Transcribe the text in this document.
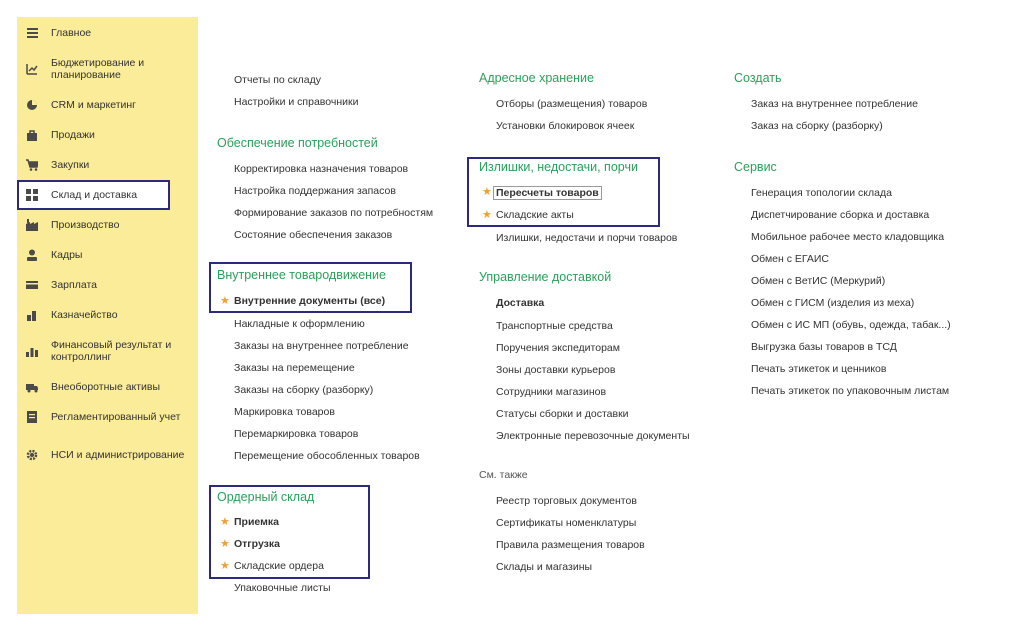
Главное
Бюджетирование и планирование
CRM и маркетинг
Продажи
Закупки
Склад и доставка
Производство
Кадры
Зарплата
Казначейство
Финансовый результат и контроллинг
Внеоборотные активы
Регламентированный учет
НСИ и администрирование
Отчеты по складу
Настройки и справочники
Обеспечение потребностей
Корректировка назначения товаров
Настройка поддержания запасов
Формирование заказов по потребностям
Состояние обеспечения заказов
Внутреннее товародвижение
★ Внутренние документы (все)
Накладные к оформлению
Заказы на внутреннее потребление
Заказы на перемещение
Заказы на сборку (разборку)
Маркировка товаров
Перемаркировка товаров
Перемещение обособленных товаров
Ордерный склад
★ Приемка
★ Отгрузка
★ Складские ордера
Упаковочные листы
Адресное хранение
Отборы (размещения) товаров
Установки блокировок ячеек
Излишки, недостачи, порчи
★ Пересчеты товаров
★ Складские акты
Излишки, недостачи и порчи товаров
Управление доставкой
Доставка
Транспортные средства
Поручения экспедиторам
Зоны доставки курьеров
Сотрудники магазинов
Статусы сборки и доставки
Электронные перевозочные документы
См. также
Реестр торговых документов
Сертификаты номенклатуры
Правила размещения товаров
Склады и магазины
Создать
Заказ на внутреннее потребление
Заказ на сборку (разборку)
Сервис
Генерация топологии склада
Диспетчирование сборка и доставка
Мобильное рабочее место кладовщика
Обмен с ЕГАИС
Обмен с ВетИС (Меркурий)
Обмен с ГИСМ (изделия из меха)
Обмен с ИС МП (обувь, одежда, табак...)
Выгрузка базы товаров в ТСД
Печать этикеток и ценников
Печать этикеток по упаковочным листам
